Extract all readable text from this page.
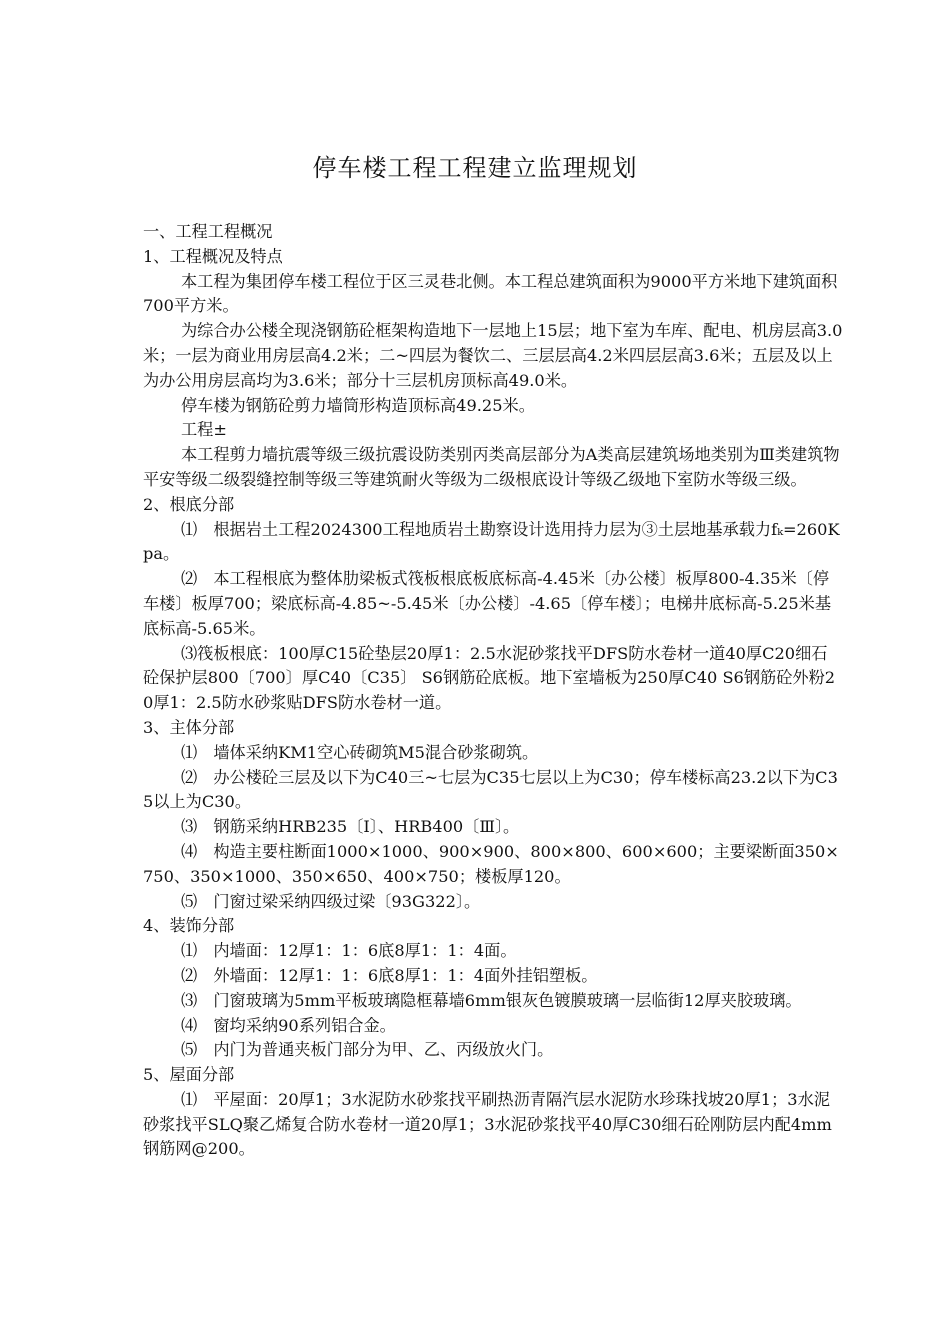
停车楼工程工程建立监理规划

一、工程工程概况

1、工程概况及特点

本工程为集团停车楼工程位于区三灵巷北侧。本工程总建筑面积为9000平方米地下建筑面积700平方米。

为综合办公楼全现浇钢筋砼框架构造地下一层地上15层；地下室为车库、配电、机房层高3.0米；一层为商业用房层高4.2米；二~四层为餐饮二、三层层高4.2米四层层高3.6米；五层及以上为办公用房层高均为3.6米；部分十三层机房顶标高49.0米。

停车楼为钢筋砼剪力墙筒形构造顶标高49.25米。

工程±

本工程剪力墙抗震等级三级抗震设防类别丙类高层部分为A类高层建筑场地类别为Ⅲ类建筑物平安等级二级裂缝控制等级三等建筑耐火等级为二级根底设计等级乙级地下室防水等级三级。

2、根底分部

⑴　根据岩土工程2024300工程地质岩土勘察设计选用持力层为③土层地基承载力fₖ=260Kpa。

⑵　本工程根底为整体肋梁板式筏板根底板底标高-4.45米〔办公楼〕板厚800-4.35米〔停车楼〕板厚700；梁底标高-4.85~-5.45米〔办公楼〕-4.65〔停车楼〕；电梯井底标高-5.25米基底标高-5.65米。

⑶筏板根底：100厚C15砼垫层20厚1：2.5水泥砂浆找平DFS防水卷材一道40厚C20细石砼保护层800〔700〕厚C40〔C35〕 S6钢筋砼底板。地下室墙板为250厚C40 S6钢筋砼外粉20厚1：2.5防水砂浆贴DFS防水卷材一道。

3、主体分部

⑴　墙体采纳KM1空心砖砌筑M5混合砂浆砌筑。

⑵　办公楼砼三层及以下为C40三~七层为C35七层以上为C30；停车楼标高23.2以下为C35以上为C30。

⑶　钢筋采纳HRB235〔Ⅰ〕、HRB400〔Ⅲ〕。

⑷　构造主要柱断面1000×1000、900×900、800×800、600×600；主要梁断面350×750、350×1000、350×650、400×750；楼板厚120。

⑸　门窗过梁采纳四级过梁〔93G322〕。

4、装饰分部

⑴　内墙面：12厚1：1：6底8厚1：1：4面。

⑵　外墙面：12厚1：1：6底8厚1：1：4面外挂铝塑板。

⑶　门窗玻璃为5mm平板玻璃隐框幕墙6mm银灰色镀膜玻璃一层临街12厚夹胶玻璃。

⑷　窗均采纳90系列铝合金。

⑸　内门为普通夹板门部分为甲、乙、丙级放火门。

5、屋面分部

⑴　平屋面：20厚1；3水泥防水砂浆找平刷热沥青隔汽层水泥防水珍珠找坡20厚1；3水泥砂浆找平SLQ聚乙烯复合防水卷材一道20厚1；3水泥砂浆找平40厚C30细石砼刚防层内配4mm钢筋网@200。
